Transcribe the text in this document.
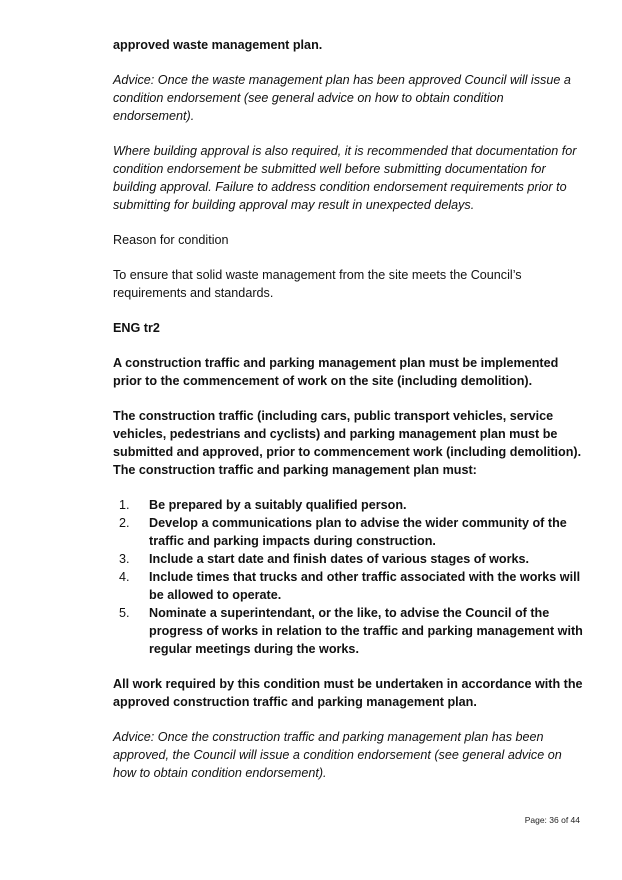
approved waste management plan.

Advice: Once the waste management plan has been approved Council will issue a condition endorsement (see general advice on how to obtain condition endorsement).

Where building approval is also required, it is recommended that documentation for condition endorsement be submitted well before submitting documentation for building approval. Failure to address condition endorsement requirements prior to submitting for building approval may result in unexpected delays.

Reason for condition

To ensure that solid waste management from the site meets the Council’s requirements and standards.

ENG tr2

A construction traffic and parking management plan must be implemented prior to the commencement of work on the site (including demolition).

The construction traffic (including cars, public transport vehicles, service vehicles, pedestrians and cyclists) and parking management plan must be submitted and approved, prior to commencement work (including demolition). The construction traffic and parking management plan must:

1. Be prepared by a suitably qualified person.
2. Develop a communications plan to advise the wider community of the traffic and parking impacts during construction.
3. Include a start date and finish dates of various stages of works.
4. Include times that trucks and other traffic associated with the works will be allowed to operate.
5. Nominate a superintendant, or the like, to advise the Council of the progress of works in relation to the traffic and parking management with regular meetings during the works.

All work required by this condition must be undertaken in accordance with the approved construction traffic and parking management plan.

Advice: Once the construction traffic and parking management plan has been approved, the Council will issue a condition endorsement (see general advice on how to obtain condition endorsement).

Page: 36 of 44
